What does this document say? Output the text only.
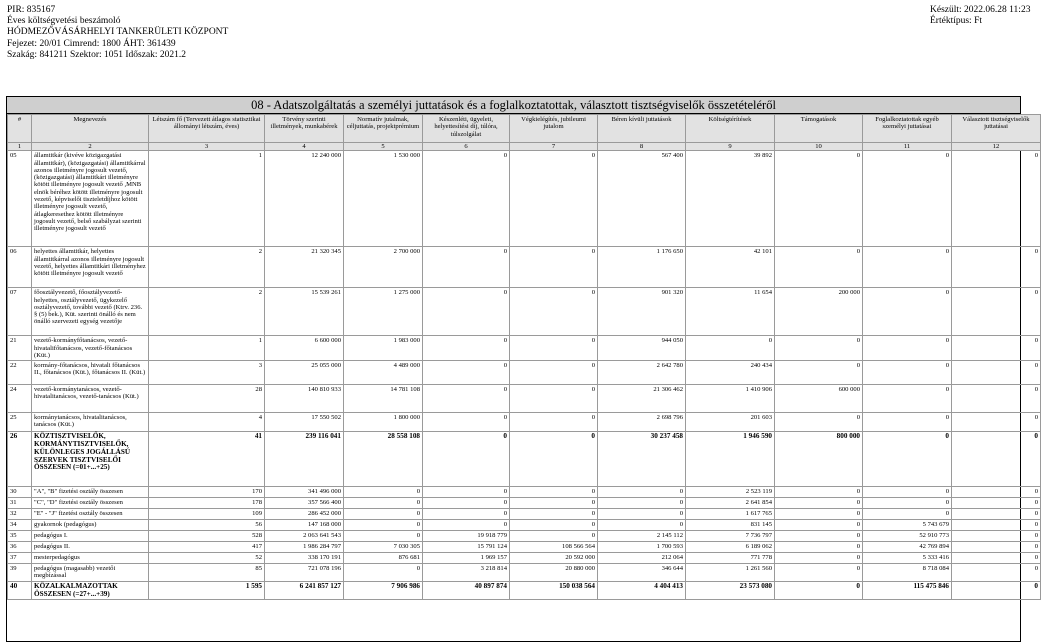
PIR: 835167
Éves költségvetési beszámoló
HÓDMEZŐVÁSÁRHELYI TANKERÜLETI KÖZPONT
Fejezet: 20/01 Cimrend: 1800 ÁHT: 361439
Szakág: 841211 Szektor: 1051 Időszak: 2021.2
Készült: 2022.06.28 11:23
Értéktípus: Ft
08 - Adatszolgáltatás a személyi juttatások és a foglalkoztatottak, választott tisztségviselők összetételéről
#	Megnevezés	Létszám fő (Tervezett átlagos statisztikai állományi létszám, éves)	Törvény szerinti illetmények, munkabérek	Normatív jutalmak, céljuttatás, projektprémium	Készenléti, ügyeleti, helyettesítési díj, túlóra, túlszolgálat	Végkielégítés, jubileumi jutalom	Béren kívüli juttatások	Költségtérítések	Támogatások	Foglalkoztatottak egyéb személyi juttatásai	Választott tisztségviselők juttatásai
1	2	3	4	5	6	7	8	9	10	11	12
05	államtitkár (kivéve közigazgatási államtitkár), (közigazgatási) államtitkárral azonos illetményre jogosult vezető, (közigazgatási) államtitkári illetményre kötött illetményre jogosult vezető ,MNB elnök béréhez kötött illetményre jogosult vezető, képviselői tiszteletdíjhoz kötött illetményre jogosult vezető, átlagkeresethez kötött illetményre jogosult vezető, belső szabályzat szerinti illetményre jogosult vezető	1	12 240 000	1 530 000	0	0	567 400	39 892	0	0	0
06	helyettes államtitkár, helyettes államtitkárral azonos illetményre jogosult vezető, helyettes államtitkári illetményhez kötött illetményre jogosult vezető	2	21 320 345	2 700 000	0	0	1 176 650	42 101	0	0	0
07	főosztályvezető, főosztályvezető-helyettes, osztályvezető, ügykezelő osztályvezető, további vezető (Ktrv. 236. § (5) bek.), Küt. szerinti önálló és nem önálló szervezeti egység vezetője	2	15 539 261	1 275 000	0	0	901 320	11 654	200 000	0	0
21	vezető-kormányfőtanácsos, vezető-hivatalifőtanácsos, vezető-főtanácsos (Küt.)	1	6 600 000	1 983 000	0	0	944 050	0	0	0	0
22	kormány-főtanácsos, hivatali főtanácsos II., főtanácsos (Küt.), főtanácsos II. (Küt.)	3	25 055 000	4 489 000	0	0	2 642 780	240 434	0	0	0
24	vezető-kormánytanácsos, vezető-hivatalitanácsos, vezető-tanácsos (Küt.)	28	140 810 933	14 781 108	0	0	21 306 462	1 410 906	600 000	0	0
25	kormánytanácsos, hivatalitanácsos, tanácsos (Küt.)	4	17 550 502	1 800 000	0	0	2 698 796	201 603	0	0	0
26	KÖZTISZTVISELŐK, KORMÁNYTISZTVISELŐK, KÜLÖNLEGES JOGÁLLÁSÚ SZERVEK TISZTVISELŐI ÖSSZESEN (=01+...+25)	41	239 116 041	28 558 108	0	0	30 237 458	1 946 590	800 000	0	0
30	"A", "B" fizetési osztály összesen	170	341 496 000	0	0	0	0	2 523 119	0	0	0
31	"C", "D" fizetési osztály összesen	178	357 566 400	0	0	0	0	2 641 854	0	0	0
32	"E" - "J" fizetési osztály összesen	109	286 452 000	0	0	0	0	1 617 765	0	0	0
34	gyakornok (pedagógus)	56	147 168 000	0	0	0	0	831 145	0	5 743 679	0
35	pedagógus I.	528	2 063 641 543	0	19 918 779	0	2 145 112	7 736 797	0	52 910 773	0
36	pedagógus II.	417	1 986 284 797	7 030 305	15 791 124	108 566 564	1 700 593	6 189 062	0	42 769 894	0
37	mesterpedagógus	52	338 170 191	876 681	1 969 157	20 592 000	212 064	771 778	0	5 333 416	0
39	pedagógus (magasabb) vezetői megbízással	85	721 078 196	0	3 218 814	20 880 000	346 644	1 261 560	0	8 718 084	0
40	KÖZALKALMAZOTTAK ÖSSZESEN (=27+...+39)	1 595	6 241 857 127	7 906 986	40 897 874	150 038 564	4 404 413	23 573 080	0	115 475 846	0
